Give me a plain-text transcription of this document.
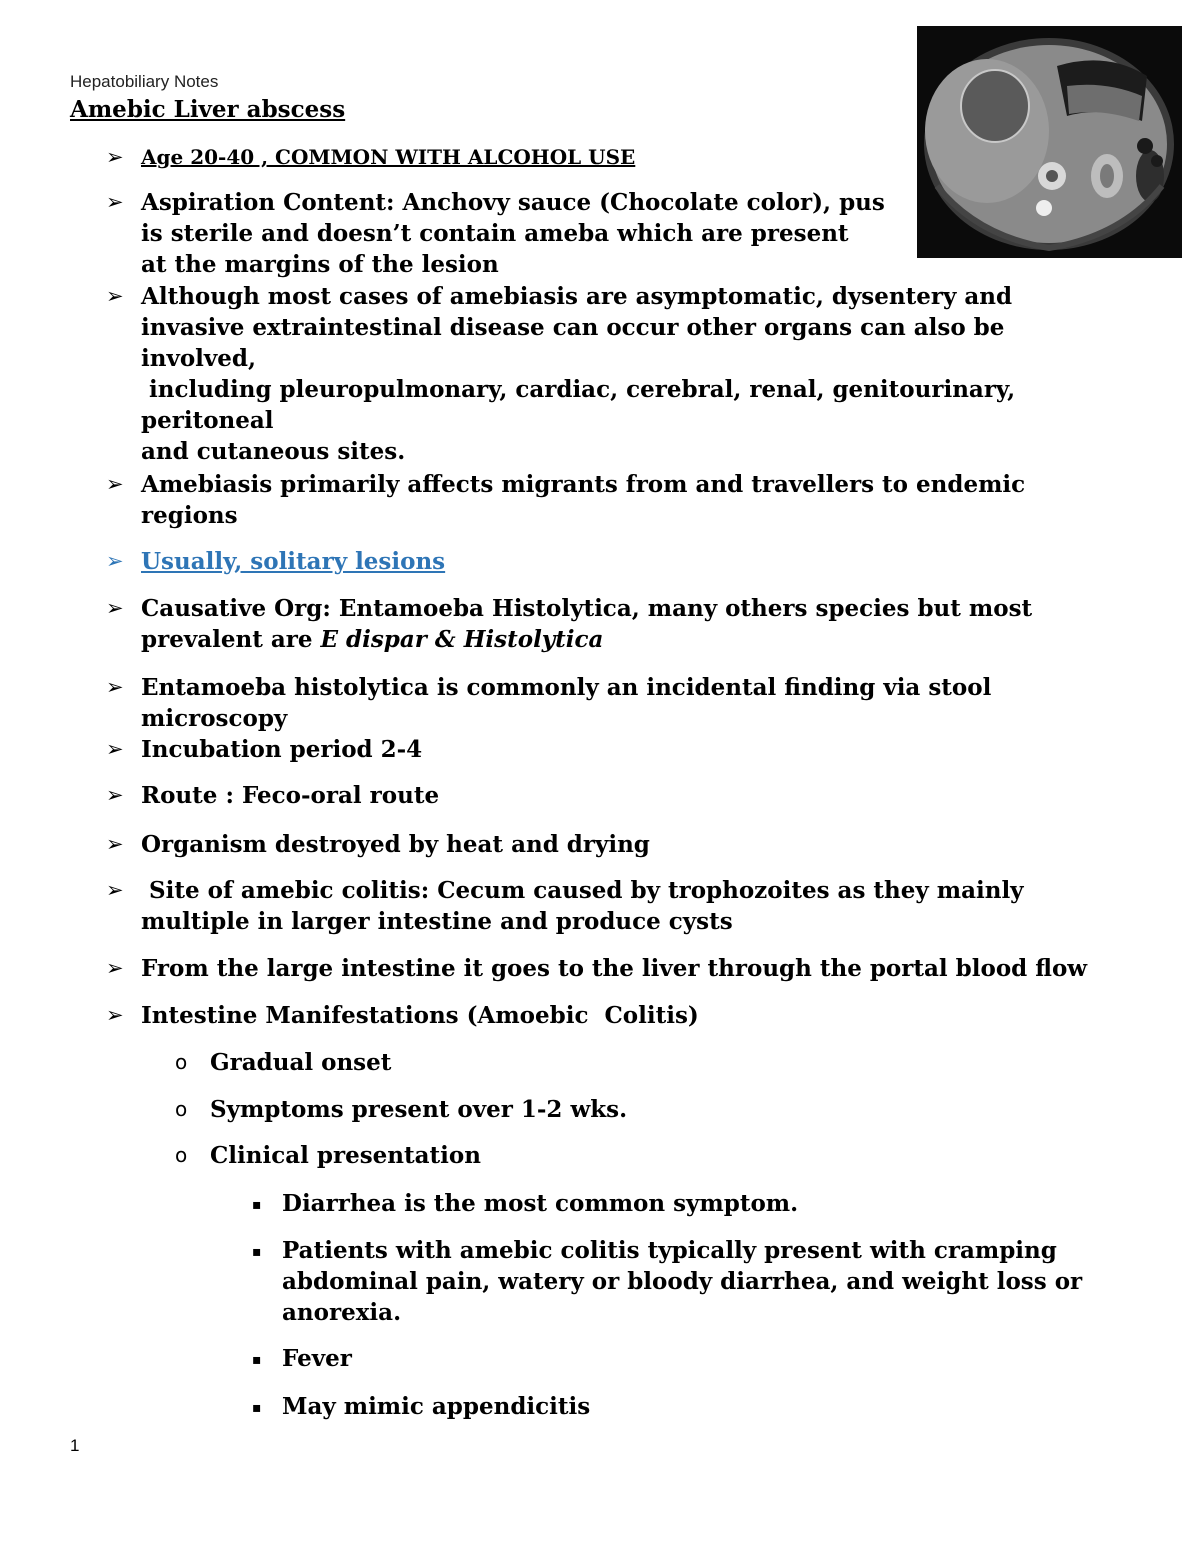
Hepatobiliary Notes
Amebic Liver abscess
➢ Age 20-40 , COMMON WITH ALCOHOL USE
➢ Aspiration Content: Anchovy sauce (Chocolate color), pus
is sterile and doesn’t contain ameba which are present
at the margins of the lesion
➢ Although most cases of amebiasis are asymptomatic, dysentery and
invasive extraintestinal disease can occur other organs can also be
involved,
including pleuropulmonary, cardiac, cerebral, renal, genitourinary,
peritoneal
and cutaneous sites.
➢ Amebiasis primarily affects migrants from and travellers to endemic
regions
➢ Usually, solitary lesions
➢ Causative Org: Entamoeba Histolytica, many others species but most
prevalent are E dispar & Histolytica
➢ Entamoeba histolytica is commonly an incidental finding via stool
microscopy
➢ Incubation period 2-4
➢ Route : Feco-oral route
➢ Organism destroyed by heat and drying
➢ Site of amebic colitis: Cecum caused by trophozoites as they mainly
multiple in larger intestine and produce cysts
➢ From the large intestine it goes to the liver through the portal blood flow
➢ Intestine Manifestations (Amoebic  Colitis)
o Gradual onset
o Symptoms present over 1-2 wks.
o Clinical presentation
▪ Diarrhea is the most common symptom.
▪ Patients with amebic colitis typically present with cramping
abdominal pain, watery or bloody diarrhea, and weight loss or
anorexia.
▪ Fever
▪ May mimic appendicitis
1
